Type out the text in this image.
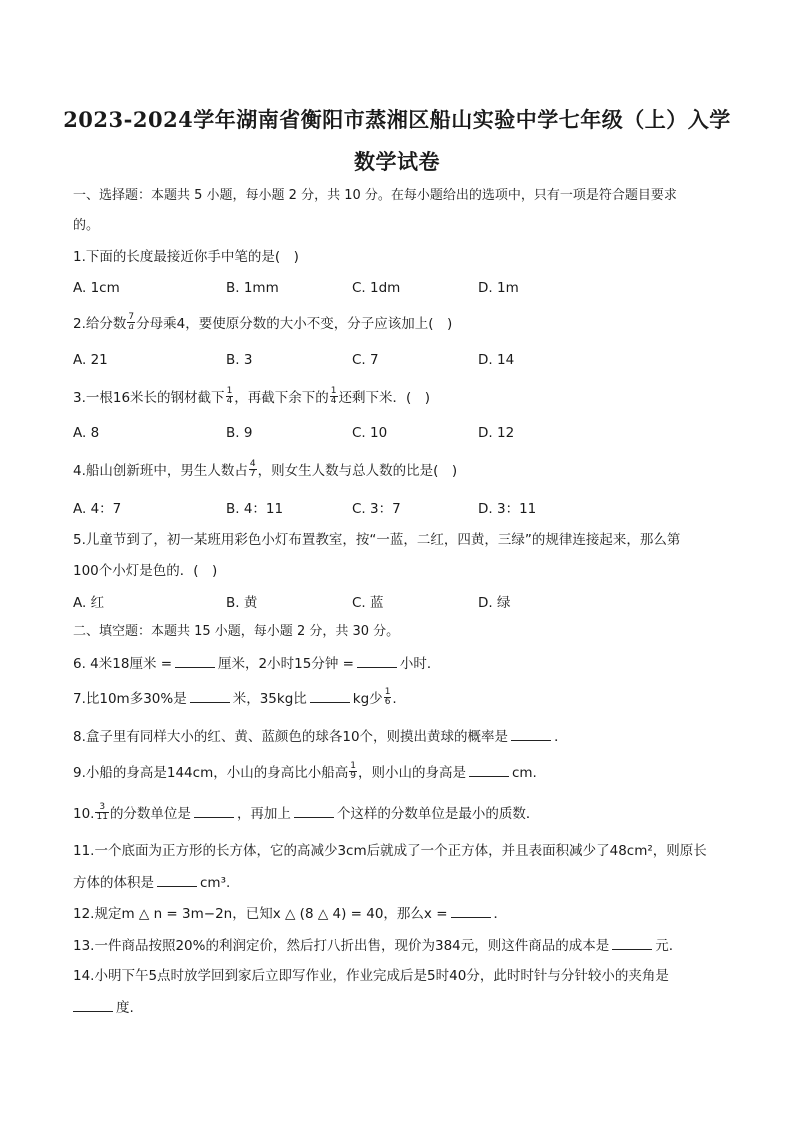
2023-2024学年湖南省衡阳市蒸湘区船山实验中学七年级（上）入学
数学试卷
一、选择题：本题共 5 小题，每小题 2 分，共 10 分。在每小题给出的选项中，只有一项是符合题目要求
的。
1.下面的长度最接近你手中笔的是(　)
A. 1cm	B. 1mm	C. 1dm	D. 1m
2.给分数 $\frac{7}{a}$ 分母乘4，要使原分数的大小不变，分子应该加上(　)
A. 21	B. 3	C. 7	D. 14
3.一根16米长的钢材截下 $\frac{1}{4}$ ，再截下余下的 $\frac{1}{4}$ 还剩下米．(　)
A. 8	B. 9	C. 10	D. 12
4.船山创新班中，男生人数占 $\frac{4}{7}$ ，则女生人数与总人数的比是(　)
A. 4：7	B. 4：11	C. 3：7	D. 3：11
5.儿童节到了，初一某班用彩色小灯布置教室，按“一蓝，二红，四黄，三绿”的规律连接起来，那么第
100个小灯是色的．(　)
A. 红	B. 黄	C. 蓝	D. 绿
二、填空题：本题共 15 小题，每小题 2 分，共 30 分。
6. 4米18厘米 =	厘米，2小时15分钟 =	小时．
7.比10m多30%是	米，35kg比	kg少 $\frac{1}{6}$ .
8.盒子里有同样大小的红、黄、蓝颜色的球各10个，则摸出黄球的概率是	．
9.小船的身高是144cm，小山的身高比小船高 $\frac{1}{9}$ ，则小山的身高是	cm.
10. $\frac{3}{11}$ 的分数单位是	，再加上	个这样的分数单位是最小的质数．
11.一个底面为正方形的长方体，它的高减少3cm后就成了一个正方体，并且表面积减少了48cm²，则原长
方体的体积是	cm³.
12.规定m △ n = 3m−2n，已知x △ (8 △ 4) = 40，那么x =	．
13.一件商品按照20%的利润定价，然后打八折出售，现价为384元，则这件商品的成本是	元.
14.小明下午5点时放学回到家后立即写作业，作业完成后是5时40分，此时时针与分针较小的夹角是
度.
